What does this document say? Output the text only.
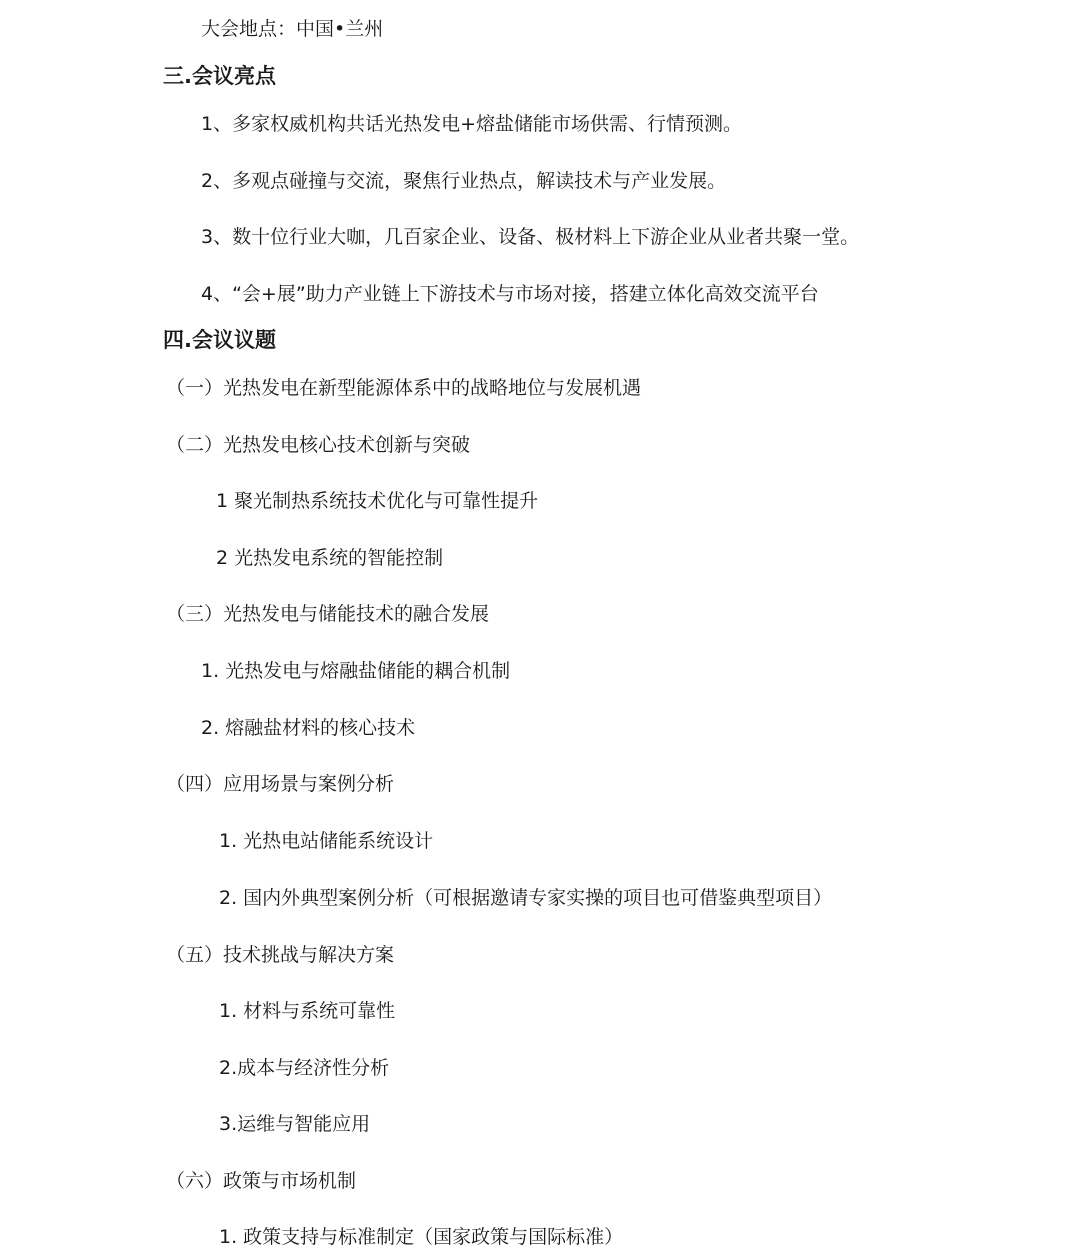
大会地点：中国•兰州
三.会议亮点
1、多家权威机构共话光热发电+熔盐储能市场供需、行情预测。
2、多观点碰撞与交流，聚焦行业热点，解读技术与产业发展。
3、数十位行业大咖，几百家企业、设备、极材料上下游企业从业者共聚一堂。
4、“会+展”助力产业链上下游技术与市场对接，搭建立体化高效交流平台
四.会议议题
（一）光热发电在新型能源体系中的战略地位与发展机遇
（二）光热发电核心技术创新与突破
1 聚光制热系统技术优化与可靠性提升
2 光热发电系统的智能控制
（三）光热发电与储能技术的融合发展
1. 光热发电与熔融盐储能的耦合机制
2. 熔融盐材料的核心技术
（四）应用场景与案例分析
1. 光热电站储能系统设计
2. 国内外典型案例分析（可根据邀请专家实操的项目也可借鉴典型项目）
（五）技术挑战与解决方案
1. 材料与系统可靠性
2.成本与经济性分析
3.运维与智能应用
（六）政策与市场机制
1. 政策支持与标准制定（国家政策与国际标准）
